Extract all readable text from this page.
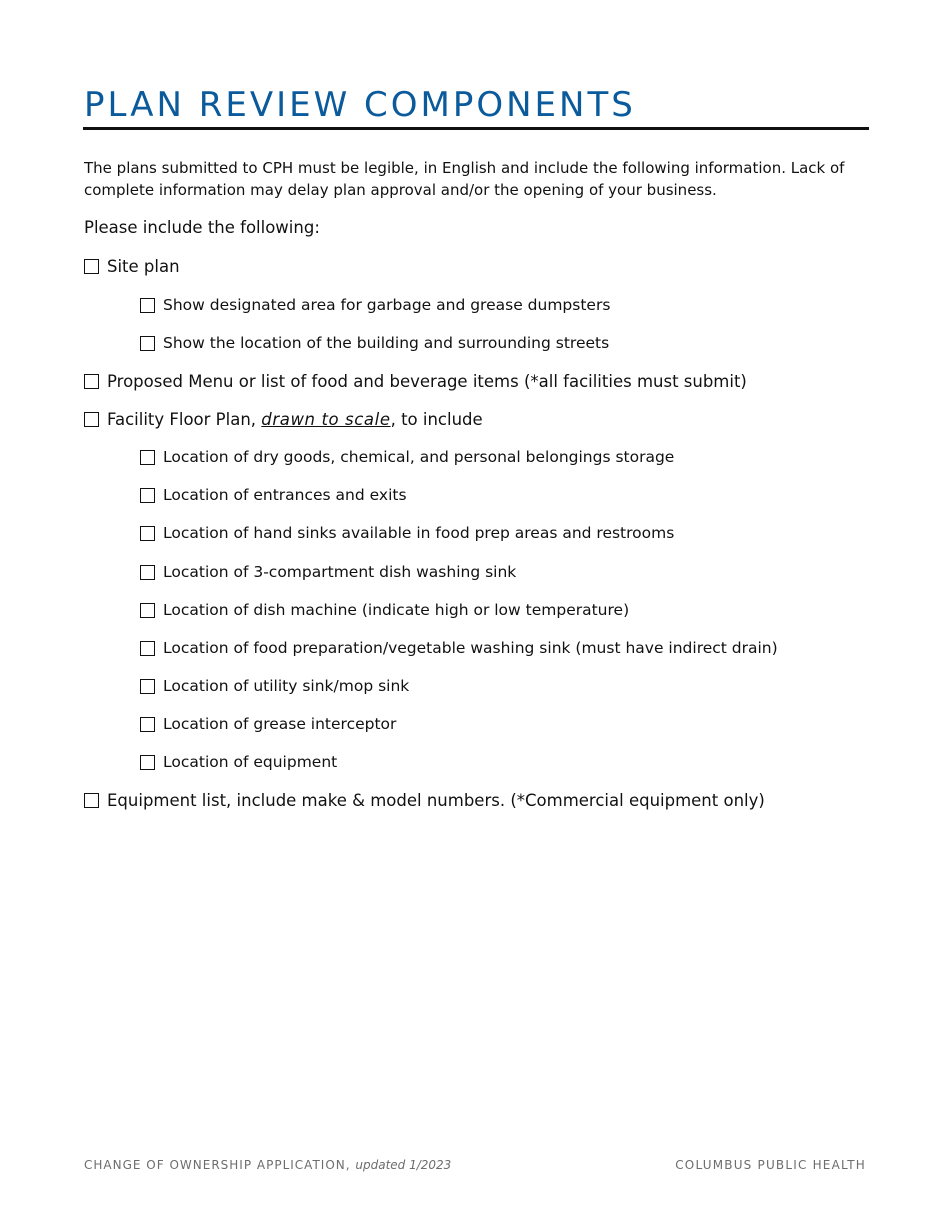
PLAN REVIEW COMPONENTS

The plans submitted to CPH must be legible, in English and include the following information. Lack of complete information may delay plan approval and/or the opening of your business.

Please include the following:

Site plan
Show designated area for garbage and grease dumpsters
Show the location of the building and surrounding streets
Proposed Menu or list of food and beverage items (*all facilities must submit)
Facility Floor Plan, drawn to scale, to include
Location of dry goods, chemical, and personal belongings storage
Location of entrances and exits
Location of hand sinks available in food prep areas and restrooms
Location of 3-compartment dish washing sink
Location of dish machine (indicate high or low temperature)
Location of food preparation/vegetable washing sink (must have indirect drain)
Location of utility sink/mop sink
Location of grease interceptor
Location of equipment
Equipment list, include make & model numbers. (*Commercial equipment only)
CHANGE OF OWNERSHIP APPLICATION, updated 1/2023	COLUMBUS PUBLIC HEALTH
